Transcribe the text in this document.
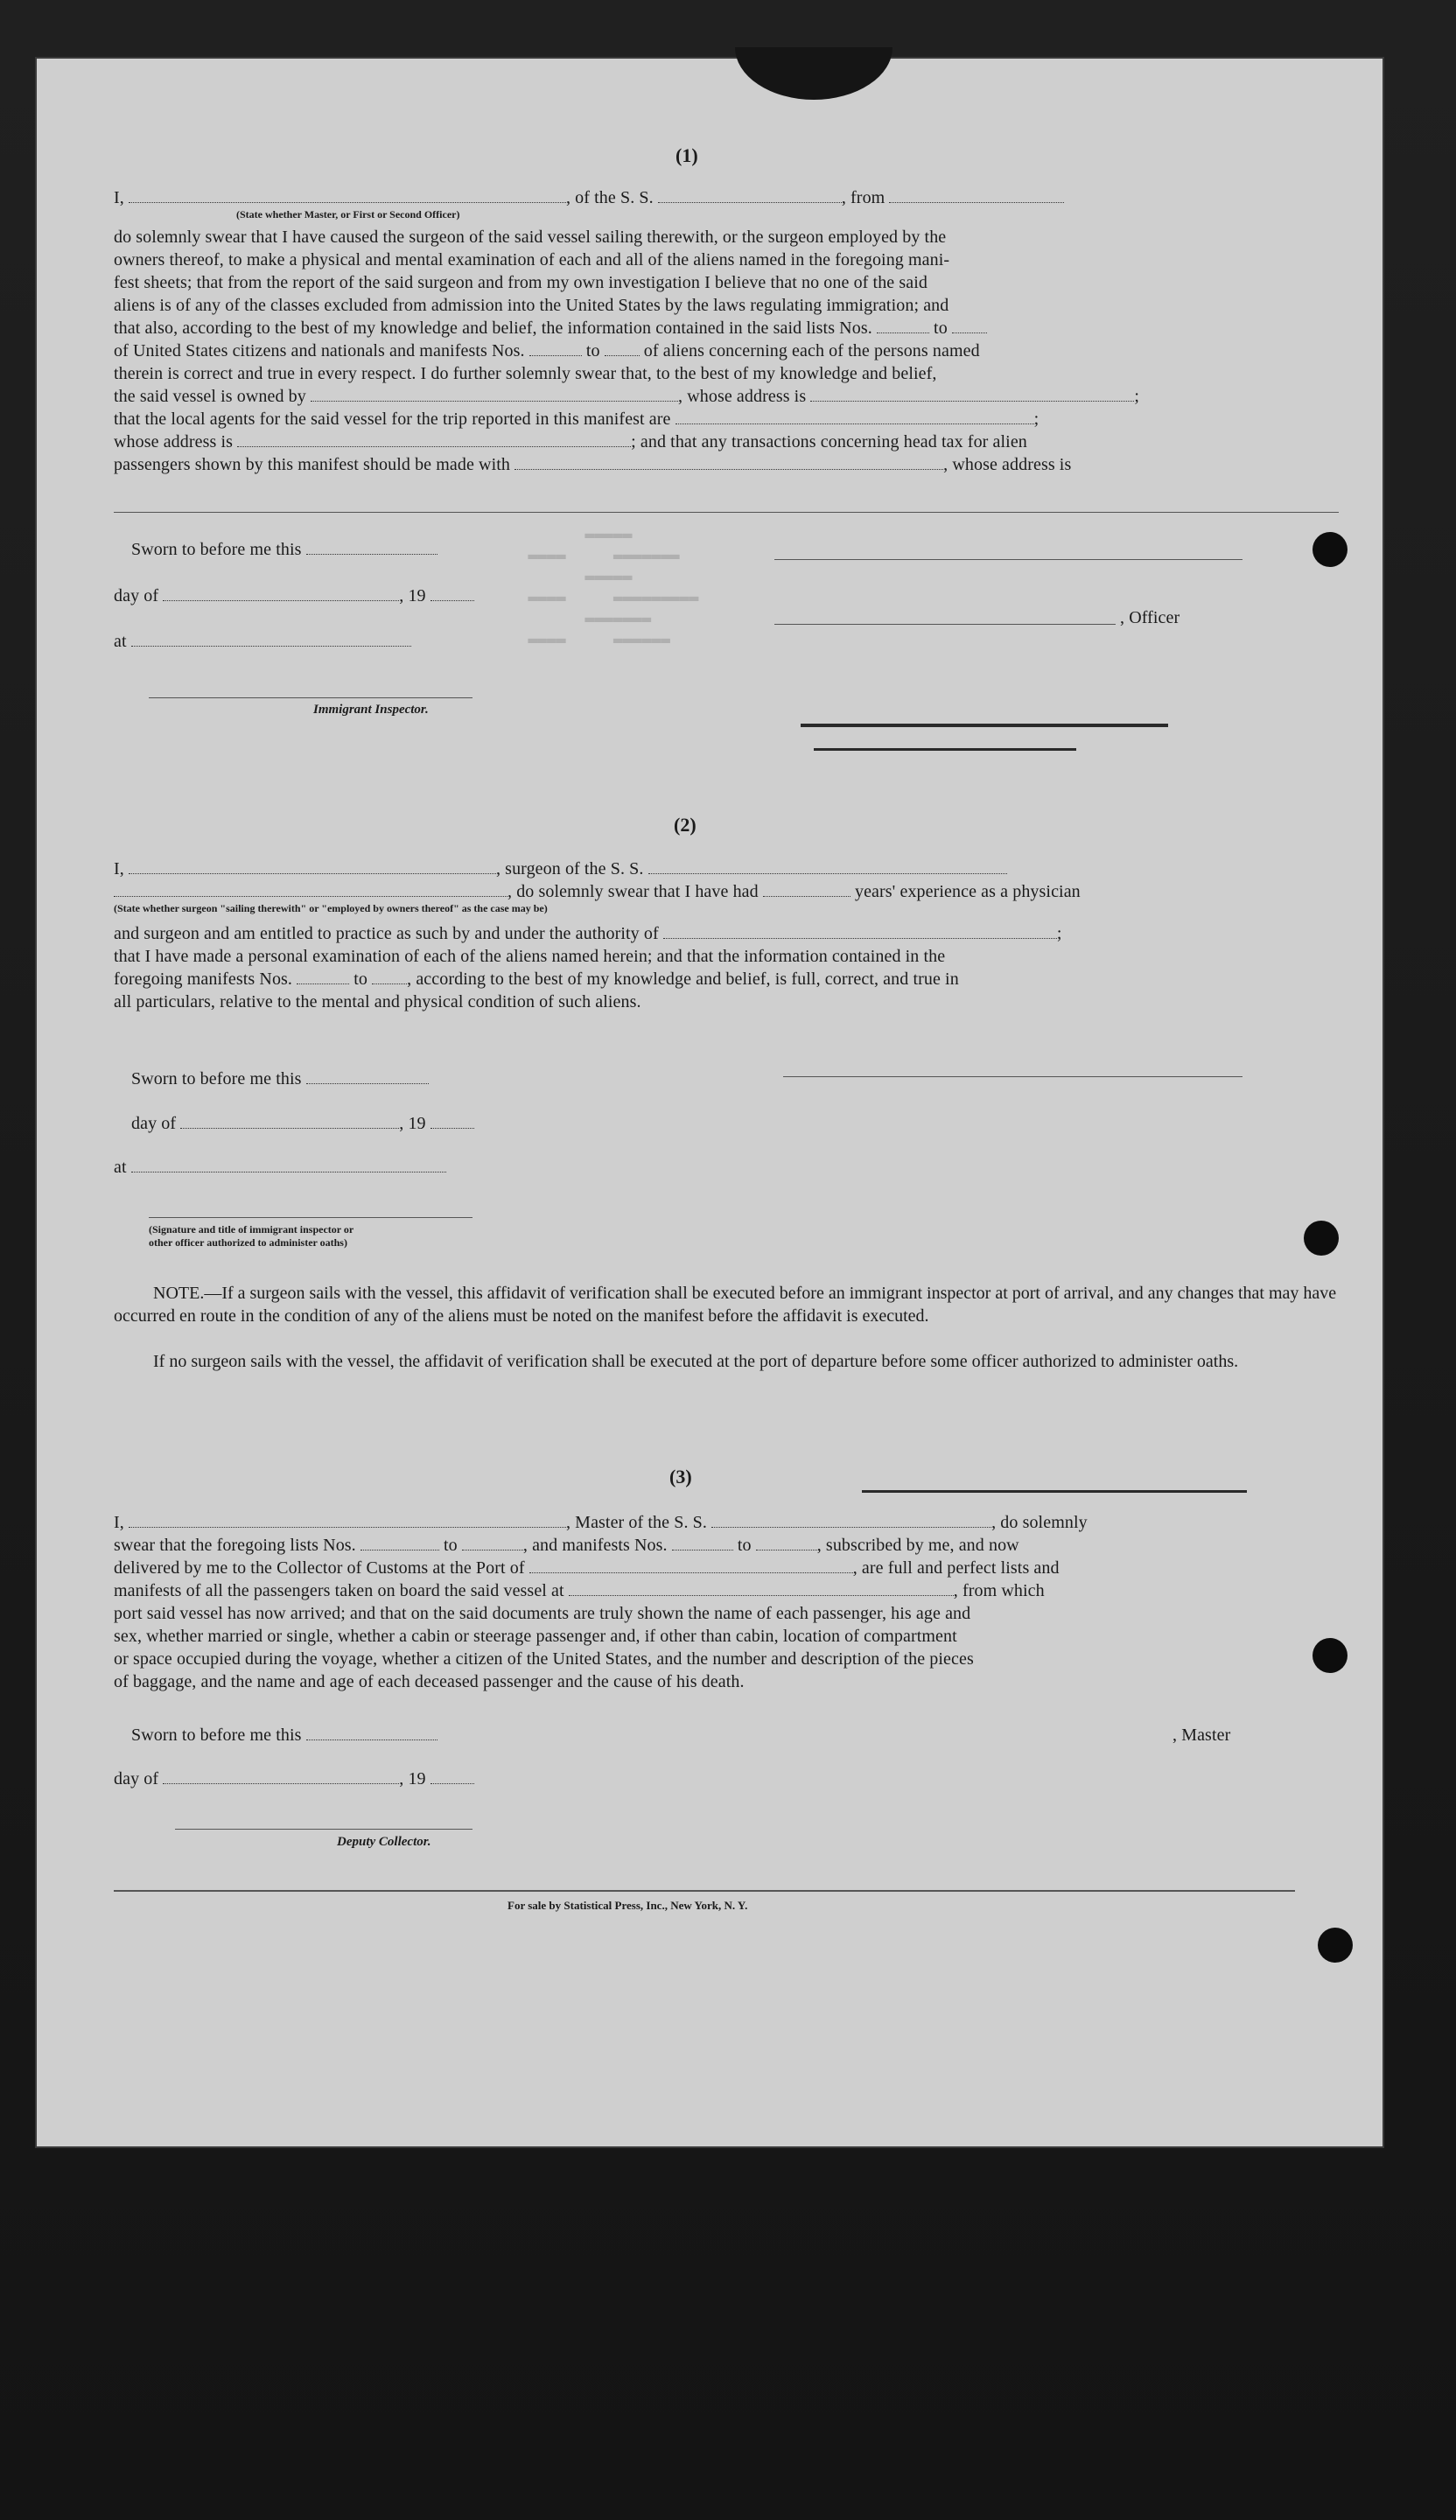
▬▬▬▬▬
▬▬▬▬     ▬▬▬▬▬▬▬
▬▬▬▬▬
▬▬▬▬     ▬▬▬▬▬▬▬▬▬
▬▬▬▬▬▬▬
▬▬▬▬     ▬▬▬▬▬▬
(1)
I,	, of the S. S.	, from
(State whether Master, or First or Second Officer)
do solemnly swear that I have caused the surgeon of the said vessel sailing therewith, or the surgeon employed by the
owners thereof, to make a physical and mental examination of each and all of the aliens named in the foregoing mani-
fest sheets; that from the report of the said surgeon and from my own investigation I believe that no one of the said
aliens is of any of the classes excluded from admission into the United States by the laws regulating immigration; and
that also, according to the best of my knowledge and belief, the information contained in the said lists Nos.	to
of United States citizens and nationals and manifests Nos.	to	of aliens concerning each of the persons named
therein is correct and true in every respect. I do further solemnly swear that, to the best of my knowledge and belief,
the said vessel is owned by	, whose address is	;
that the local agents for the said vessel for the trip reported in this manifest are	;
whose address is	; and that any transactions concerning head tax for alien
passengers shown by this manifest should be made with	, whose address is
Sworn to before me this
day of	, 19
, Officer
at
Immigrant Inspector.
(2)
I,	, surgeon of the S. S.
, do solemnly swear that I have had	years' experience as a physician
(State whether surgeon "sailing therewith" or "employed by owners thereof" as the case may be)
and surgeon and am entitled to practice as such by and under the authority of	;
that I have made a personal examination of each of the aliens named herein; and that the information contained in the
foregoing manifests Nos.	to , according to the best of my knowledge and belief, is full, correct, and true in
all particulars, relative to the mental and physical condition of such aliens.
Sworn to before me this
day of	, 19
at
(Signature and title of immigrant inspector or
other officer authorized to administer oaths)
NOTE.—If a surgeon sails with the vessel, this affidavit of verification shall be executed before an immigrant inspector at port of arrival, and any changes that may have occurred en route in the condition of any of the aliens must be noted on the manifest before the affidavit is executed.
If no surgeon sails with the vessel, the affidavit of verification shall be executed at the port of departure before some officer authorized to administer oaths.
(3)
I,	, Master of the S. S.	, do solemnly
swear that the foregoing lists Nos.	to	, and manifests Nos.	to	, subscribed by me, and now
delivered by me to the Collector of Customs at the Port of	, are full and perfect lists and
manifests of all the passengers taken on board the said vessel at	, from which
port said vessel has now arrived; and that on the said documents are truly shown the name of each passenger, his age and
sex, whether married or single, whether a cabin or steerage passenger and, if other than cabin, location of compartment
or space occupied during the voyage, whether a citizen of the United States, and the number and description of the pieces
of baggage, and the name and age of each deceased passenger and the cause of his death.
Sworn to before me this	, Master
day of	, 19
Deputy Collector.
For sale by Statistical Press, Inc., New York, N. Y.
